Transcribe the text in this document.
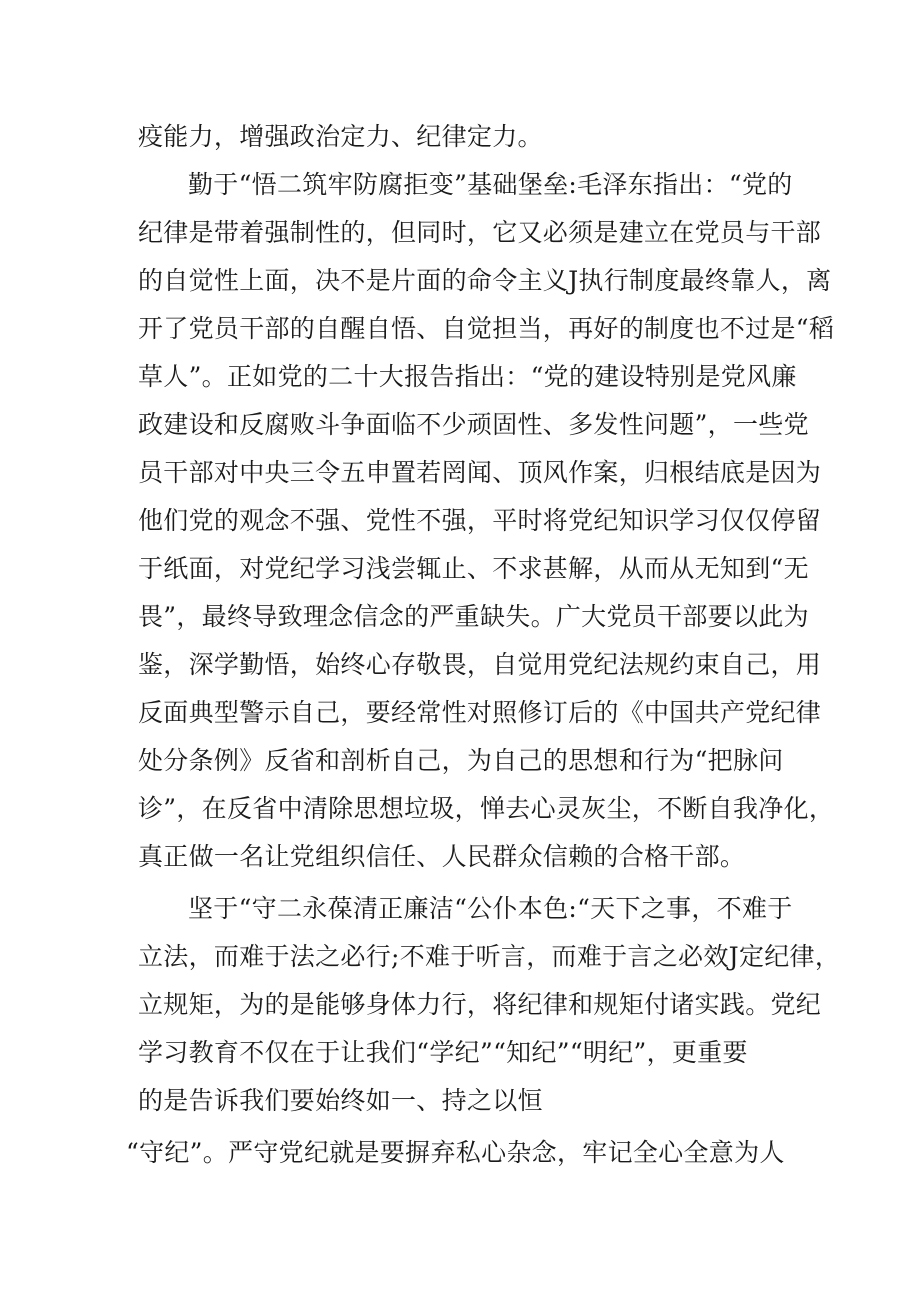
疫能力，增强政治定力、纪律定力。
勤于“悟二筑牢防腐拒变”基础堡垒:毛泽东指出：“党的
纪律是带着强制性的，但同时，它又必须是建立在党员与干部
的自觉性上面，决不是片面的命令主义J执行制度最终靠人，离
开了党员干部的自醒自悟、自觉担当，再好的制度也不过是“稻
草人”。正如党的二十大报告指出：“党的建设特别是党风廉
政建设和反腐败斗争面临不少顽固性、多发性问题”，一些党
员干部对中央三令五申置若罔闻、顶风作案，归根结底是因为
他们党的观念不强、党性不强，平时将党纪知识学习仅仅停留
于纸面，对党纪学习浅尝辄止、不求甚解，从而从无知到“无
畏”，最终导致理念信念的严重缺失。广大党员干部要以此为
鉴，深学勤悟，始终心存敬畏，自觉用党纪法规约束自己，用
反面典型警示自己，要经常性对照修订后的《中国共产党纪律
处分条例》反省和剖析自己，为自己的思想和行为“把脉问
诊”，在反省中清除思想垃圾，惮去心灵灰尘，不断自我净化，
真正做一名让党组织信任、人民群众信赖的合格干部。
坚于“守二永葆清正廉洁“公仆本色:“天下之事，不难于
立法，而难于法之必行;不难于听言，而难于言之必效J定纪律，
立规矩，为的是能够身体力行，将纪律和规矩付诸实践。党纪
学习教育不仅在于让我们“学纪”“知纪”“明纪”，更重要
的是告诉我们要始终如一、持之以恒
“守纪”。严守党纪就是要摒弃私心杂念，牢记全心全意为人
